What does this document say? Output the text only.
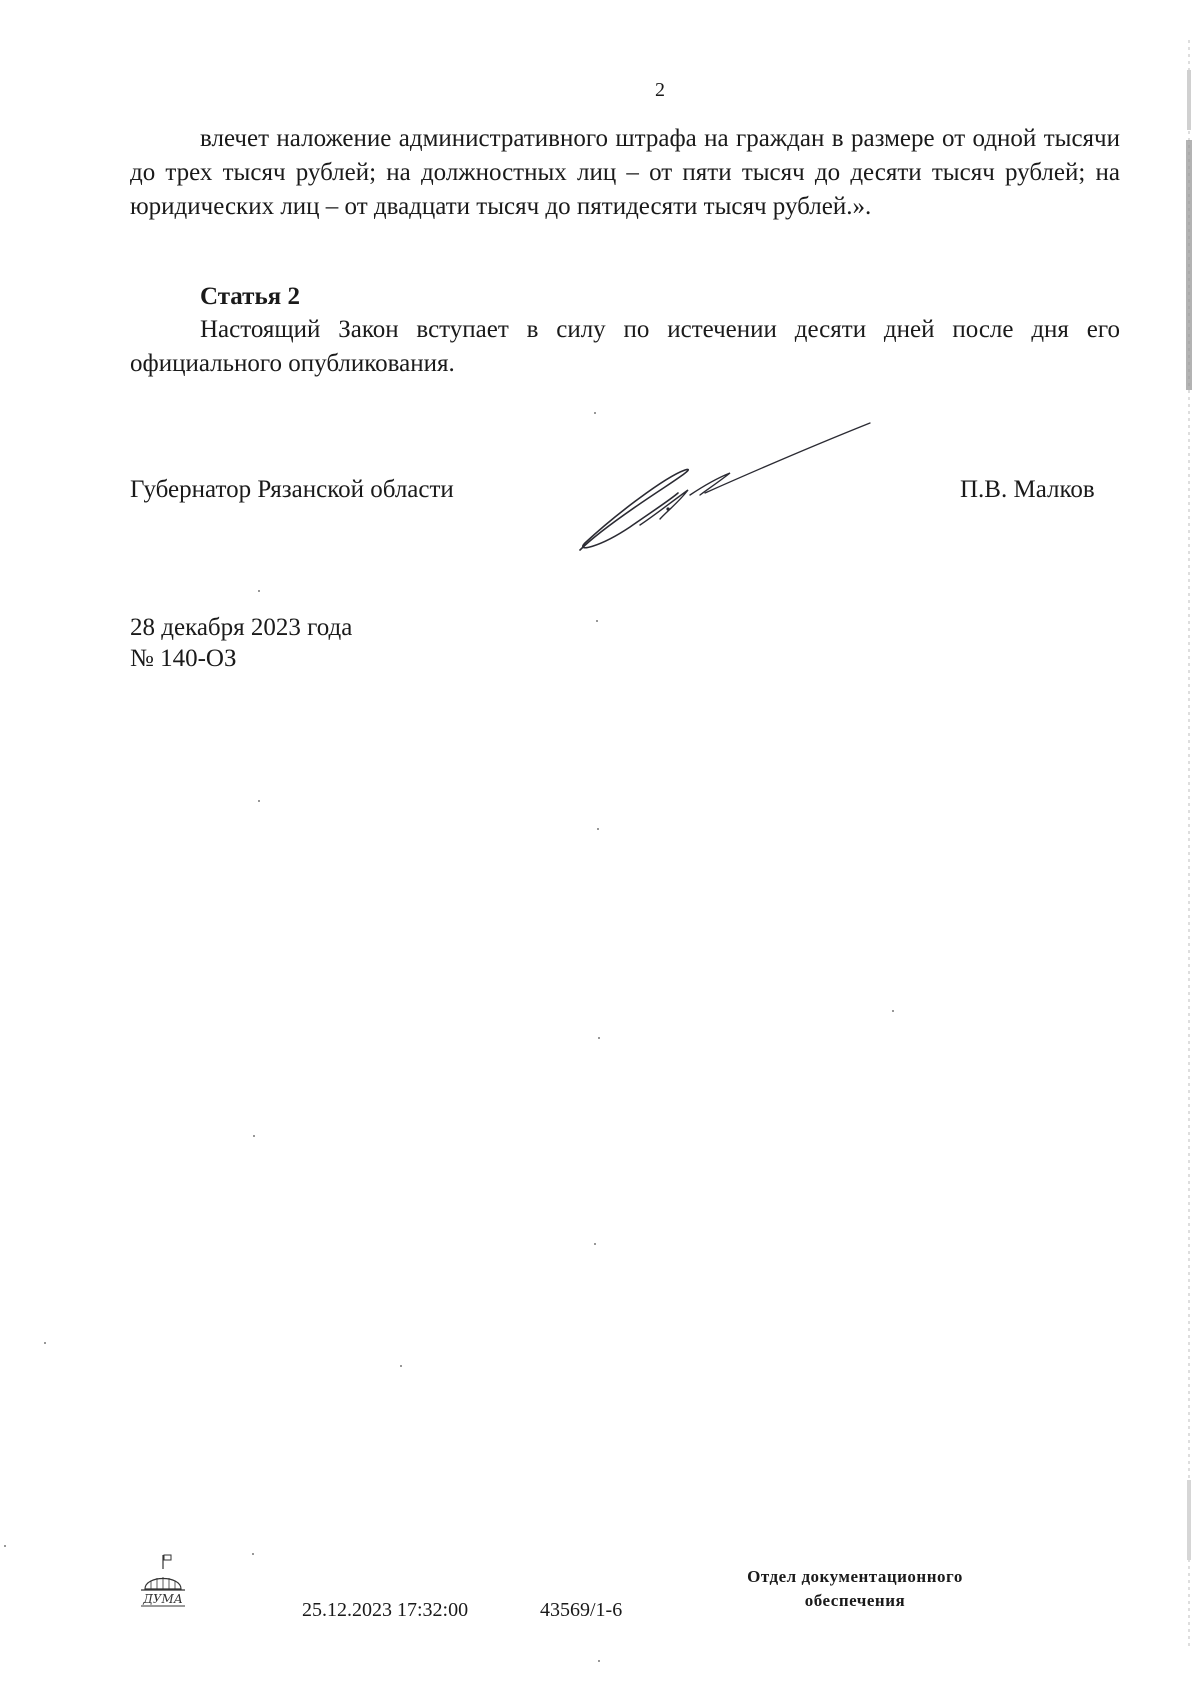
2

влечет наложение административного штрафа на граждан в размере от одной тысячи до трех тысяч рублей; на должностных лиц – от пяти тысяч до десяти тысяч рублей; на юридических лиц – от двадцати тысяч до пятидесяти тысяч рублей.».

Статья 2

Настоящий Закон вступает в силу по истечении десяти дней после дня его официального опубликования.

Губернатор Рязанской области	П.В. Малков
28 декабря 2023 года
№ 140-ОЗ
ДУМА	25.12.2023 17:32:00	43569/1-6
Отдел документационного
обеспечения
